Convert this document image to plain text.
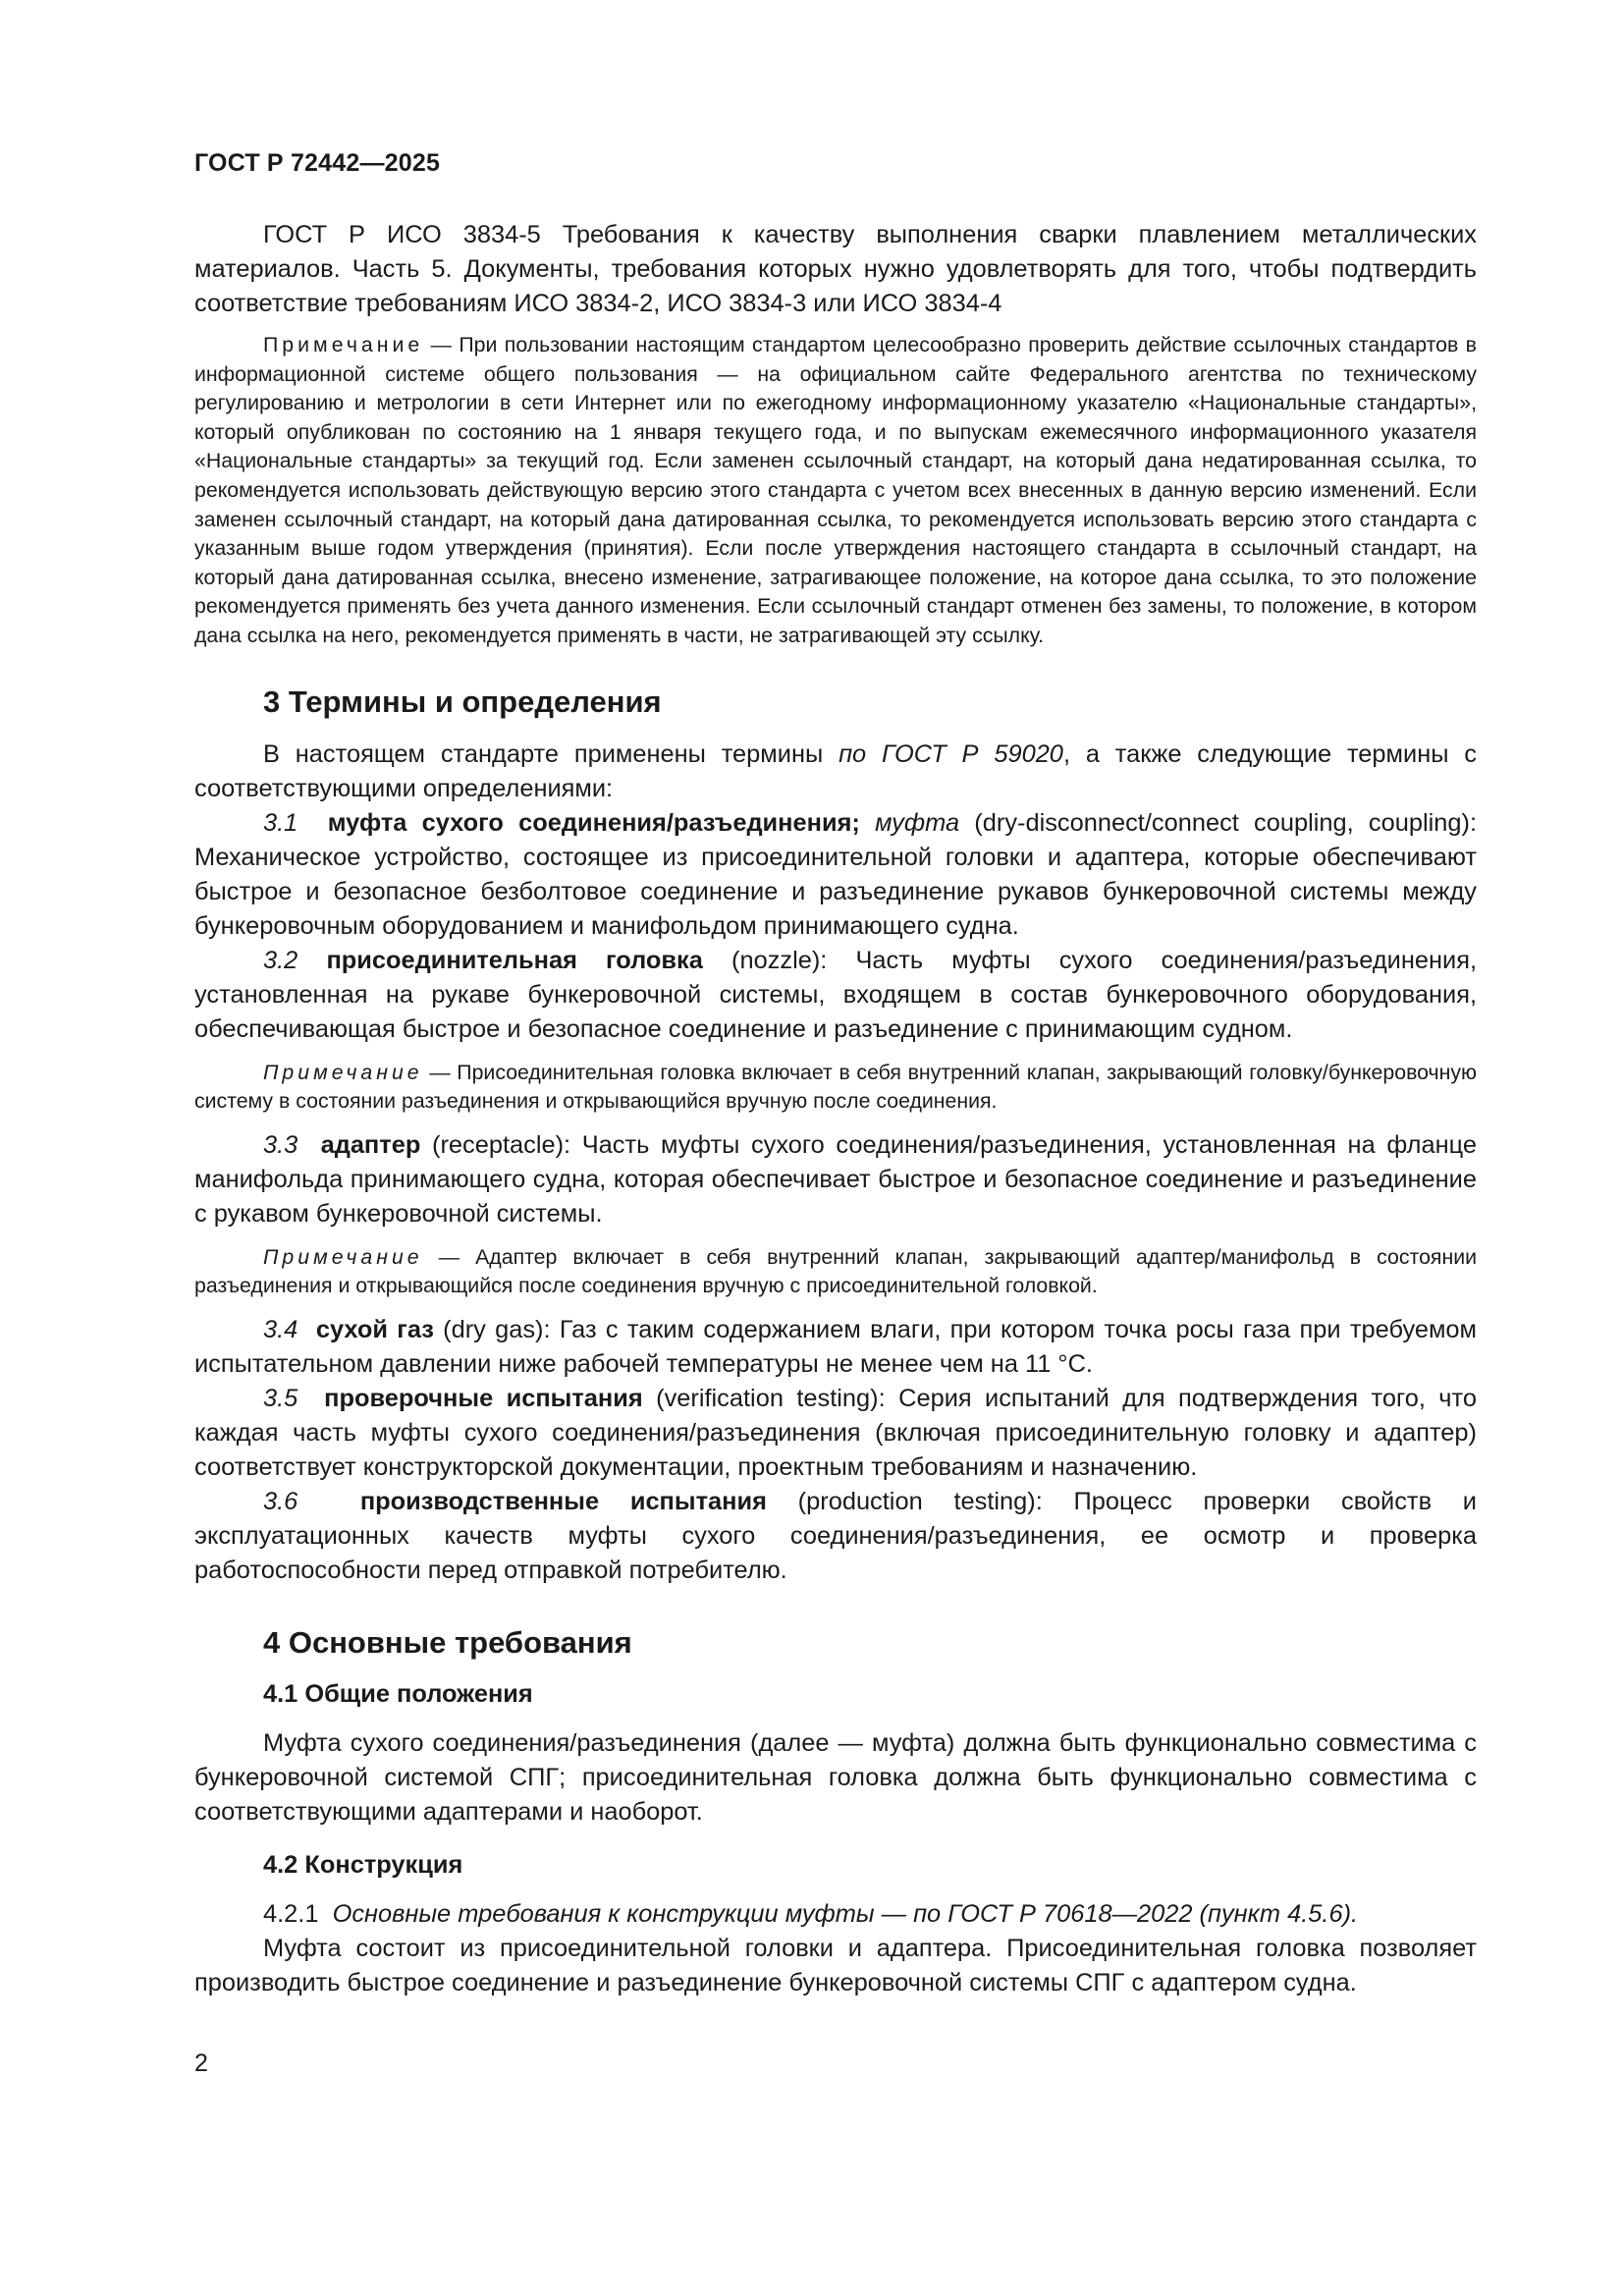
ГОСТ Р 72442—2025

ГОСТ Р ИСО 3834-5 Требования к качеству выполнения сварки плавлением металлических материалов. Часть 5. Документы, требования которых нужно удовлетворять для того, чтобы подтвердить соответствие требованиям ИСО 3834-2, ИСО 3834-3 или ИСО 3834-4

Примечание — При пользовании настоящим стандартом целесообразно проверить действие ссылочных стандартов в информационной системе общего пользования — на официальном сайте Федерального агентства по техническому регулированию и метрологии в сети Интернет или по ежегодному информационному указателю «Национальные стандарты», который опубликован по состоянию на 1 января текущего года, и по выпускам ежемесячного информационного указателя «Национальные стандарты» за текущий год. Если заменен ссылочный стандарт, на который дана недатированная ссылка, то рекомендуется использовать действующую версию этого стандарта с учетом всех внесенных в данную версию изменений. Если заменен ссылочный стандарт, на который дана датированная ссылка, то рекомендуется использовать версию этого стандарта с указанным выше годом утверждения (принятия). Если после утверждения настоящего стандарта в ссылочный стандарт, на который дана датированная ссылка, внесено изменение, затрагивающее положение, на которое дана ссылка, то это положение рекомендуется применять без учета данного изменения. Если ссылочный стандарт отменен без замены, то положение, в котором дана ссылка на него, рекомендуется применять в части, не затрагивающей эту ссылку.

3 Термины и определения

В настоящем стандарте применены термины по ГОСТ Р 59020, а также следующие термины с соответствующими определениями:

3.1 муфта сухого соединения/разъединения; муфта (dry-disconnect/connect coupling, coupling): Механическое устройство, состоящее из присоединительной головки и адаптера, которые обеспечивают быстрое и безопасное безболтовое соединение и разъединение рукавов бункеровочной системы между бункеровочным оборудованием и манифольдом принимающего судна.

3.2 присоединительная головка (nozzle): Часть муфты сухого соединения/разъединения, установленная на рукаве бункеровочной системы, входящем в состав бункеровочного оборудования, обеспечивающая быстрое и безопасное соединение и разъединение с принимающим судном.

Примечание — Присоединительная головка включает в себя внутренний клапан, закрывающий головку/бункеровочную систему в состоянии разъединения и открывающийся вручную после соединения.

3.3 адаптер (receptacle): Часть муфты сухого соединения/разъединения, установленная на фланце манифольда принимающего судна, которая обеспечивает быстрое и безопасное соединение и разъединение с рукавом бункеровочной системы.

Примечание — Адаптер включает в себя внутренний клапан, закрывающий адаптер/манифольд в состоянии разъединения и открывающийся после соединения вручную с присоединительной головкой.

3.4 сухой газ (dry gas): Газ с таким содержанием влаги, при котором точка росы газа при требуемом испытательном давлении ниже рабочей температуры не менее чем на 11 °С.

3.5 проверочные испытания (verification testing): Серия испытаний для подтверждения того, что каждая часть муфты сухого соединения/разъединения (включая присоединительную головку и адаптер) соответствует конструкторской документации, проектным требованиям и назначению.

3.6	производственные испытания (production testing): Процесс проверки свойств и эксплуатационных качеств муфты сухого соединения/разъединения, ее осмотр и проверка работоспособности перед отправкой потребителю.

4 Основные требования
4.1 Общие положения

Муфта сухого соединения/разъединения (далее — муфта) должна быть функционально совместима с бункеровочной системой СПГ; присоединительная головка должна быть функционально совместима с соответствующими адаптерами и наоборот.

4.2 Конструкция

4.2.1 Основные требования к конструкции муфты — по ГОСТ Р 70618—2022 (пункт 4.5.6).

Муфта состоит из присоединительной головки и адаптера. Присоединительная головка позволяет производить быстрое соединение и разъединение бункеровочной системы СПГ с адаптером судна.

2
